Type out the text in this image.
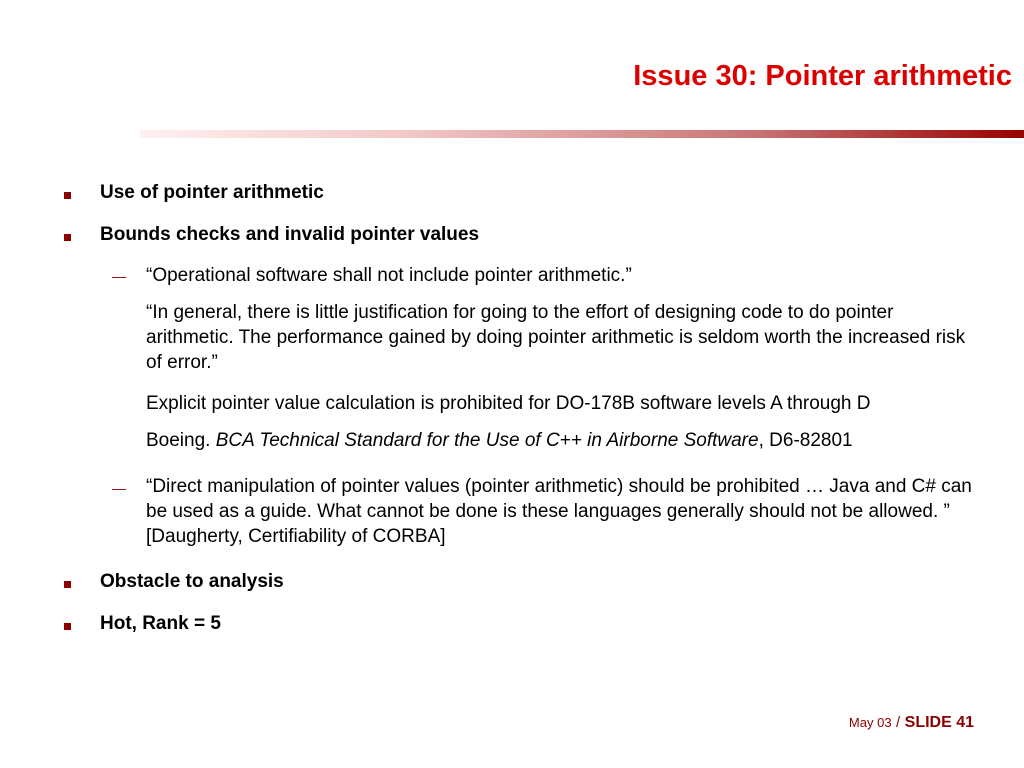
Issue 30: Pointer arithmetic
Use of pointer arithmetic
Bounds checks and invalid pointer values
— “Operational software shall not include pointer arithmetic.”
“In general, there is little justification for going to the effort of designing code to do pointer arithmetic. The performance gained by doing pointer arithmetic is seldom worth the increased risk of error.”
Explicit pointer value calculation is prohibited for DO-178B software levels A through D
Boeing. BCA Technical Standard for the Use of C++ in Airborne Software, D6-82801
— “Direct manipulation of pointer values (pointer arithmetic) should be prohibited … Java and C# can be used as a guide. What cannot be done is these languages generally should not be allowed. ” [Daugherty, Certifiability of CORBA]
Obstacle to analysis
Hot, Rank = 5
May 03 / SLIDE 41
